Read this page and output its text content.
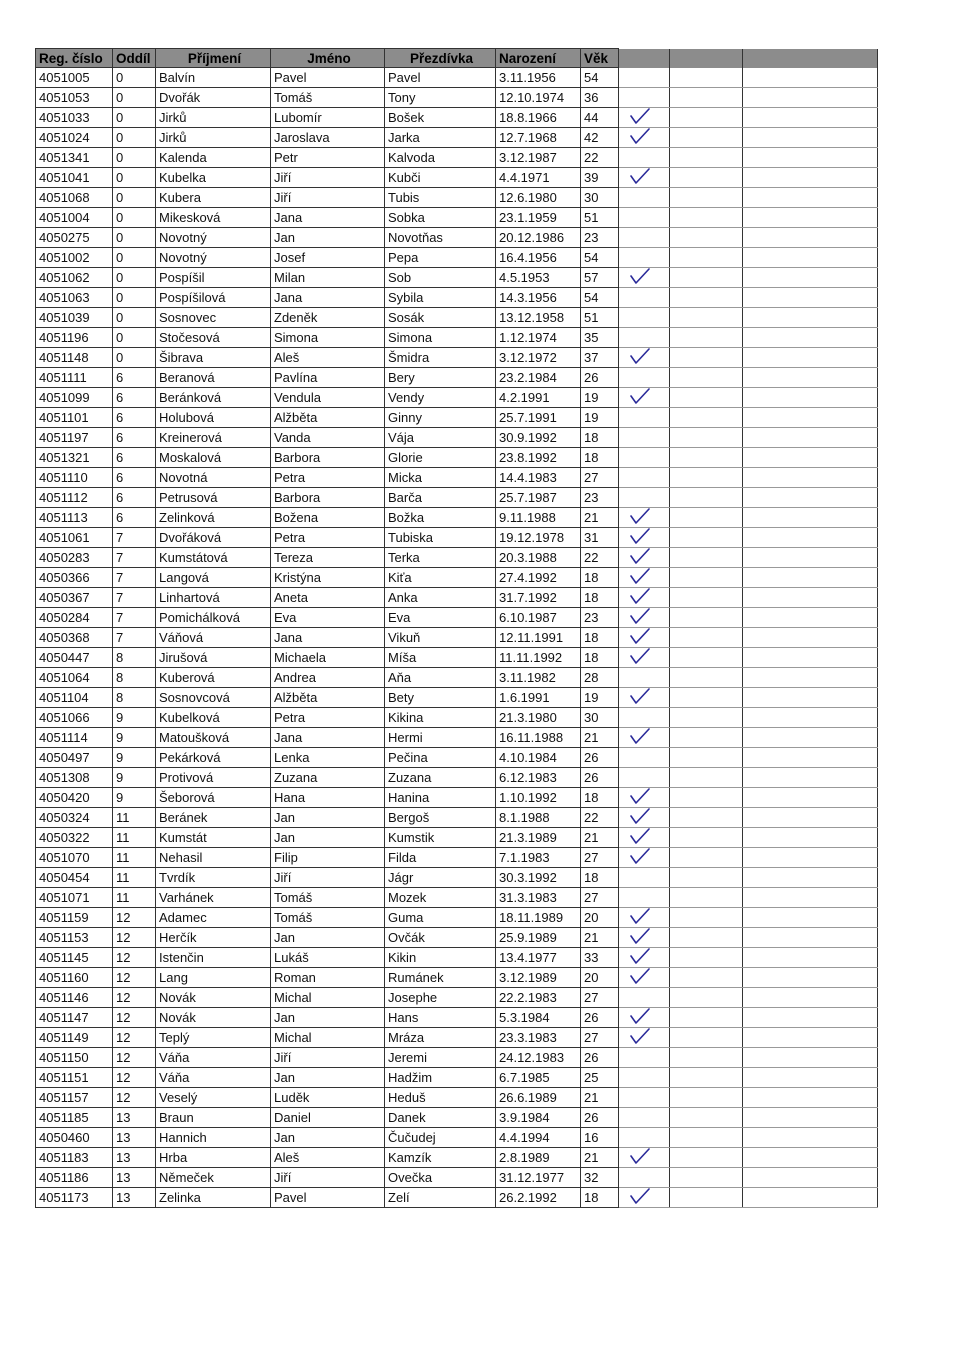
Reg. číslo	Oddíl	Příjmení	Jméno	Přezdívka	Narození	Věk			
4051005	0	Balvín	Pavel	Pavel	3.11.1956	54			
4051053	0	Dvořák	Tomáš	Tony	12.10.1974	36			
4051033	0	Jirků	Lubomír	Bošek	18.8.1966	44			
4051024	0	Jirků	Jaroslava	Jarka	12.7.1968	42			
4051341	0	Kalenda	Petr	Kalvoda	3.12.1987	22			
4051041	0	Kubelka	Jiří	Kubči	4.4.1971	39			
4051068	0	Kubera	Jiří	Tubis	12.6.1980	30			
4051004	0	Mikesková	Jana	Sobka	23.1.1959	51			
4050275	0	Novotný	Jan	Novotňas	20.12.1986	23			
4051002	0	Novotný	Josef	Pepa	16.4.1956	54			
4051062	0	Pospíšil	Milan	Sob	4.5.1953	57			
4051063	0	Pospíšilová	Jana	Sybila	14.3.1956	54			
4051039	0	Sosnovec	Zdeněk	Sosák	13.12.1958	51			
4051196	0	Stočesová	Simona	Simona	1.12.1974	35			
4051148	0	Šibrava	Aleš	Šmidra	3.12.1972	37			
4051111	6	Beranová	Pavlína	Bery	23.2.1984	26			
4051099	6	Beránková	Vendula	Vendy	4.2.1991	19			
4051101	6	Holubová	Alžběta	Ginny	25.7.1991	19			
4051197	6	Kreinerová	Vanda	Vája	30.9.1992	18			
4051321	6	Moskalová	Barbora	Glorie	23.8.1992	18			
4051110	6	Novotná	Petra	Micka	14.4.1983	27			
4051112	6	Petrusová	Barbora	Barča	25.7.1987	23			
4051113	6	Zelinková	Božena	Božka	9.11.1988	21			
4051061	7	Dvořáková	Petra	Tubiska	19.12.1978	31			
4050283	7	Kumstátová	Tereza	Terka	20.3.1988	22			
4050366	7	Langová	Kristýna	Kiťa	27.4.1992	18			
4050367	7	Linhartová	Aneta	Anka	31.7.1992	18			
4050284	7	Pomichálková	Eva	Eva	6.10.1987	23			
4050368	7	Váňová	Jana	Vikuň	12.11.1991	18			
4050447	8	Jirušová	Michaela	Míša	11.11.1992	18			
4051064	8	Kuberová	Andrea	Aňa	3.11.1982	28			
4051104	8	Sosnovcová	Alžběta	Bety	1.6.1991	19			
4051066	9	Kubelková	Petra	Kikina	21.3.1980	30			
4051114	9	Matoušková	Jana	Hermi	16.11.1988	21			
4050497	9	Pekárková	Lenka	Pečina	4.10.1984	26			
4051308	9	Protivová	Zuzana	Zuzana	6.12.1983	26			
4050420	9	Šeborová	Hana	Hanina	1.10.1992	18			
4050324	11	Beránek	Jan	Bergoš	8.1.1988	22			
4050322	11	Kumstát	Jan	Kumstik	21.3.1989	21			
4051070	11	Nehasil	Filip	Filda	7.1.1983	27			
4050454	11	Tvrdík	Jiří	Jágr	30.3.1992	18			
4051071	11	Varhánek	Tomáš	Mozek	31.3.1983	27			
4051159	12	Adamec	Tomáš	Guma	18.11.1989	20			
4051153	12	Herčík	Jan	Ovčák	25.9.1989	21			
4051145	12	Istenčin	Lukáš	Kikin	13.4.1977	33			
4051160	12	Lang	Roman	Rumánek	3.12.1989	20			
4051146	12	Novák	Michal	Josephe	22.2.1983	27			
4051147	12	Novák	Jan	Hans	5.3.1984	26			
4051149	12	Teplý	Michal	Mráza	23.3.1983	27			
4051150	12	Váňa	Jiří	Jeremi	24.12.1983	26			
4051151	12	Váňa	Jan	Hadžim	6.7.1985	25			
4051157	12	Veselý	Luděk	Heduš	26.6.1989	21			
4051185	13	Braun	Daniel	Danek	3.9.1984	26			
4050460	13	Hannich	Jan	Čučudej	4.4.1994	16			
4051183	13	Hrba	Aleš	Kamzík	2.8.1989	21			
4051186	13	Němeček	Jiří	Ovečka	31.12.1977	32			
4051173	13	Zelinka	Pavel	Zelí	26.2.1992	18			
